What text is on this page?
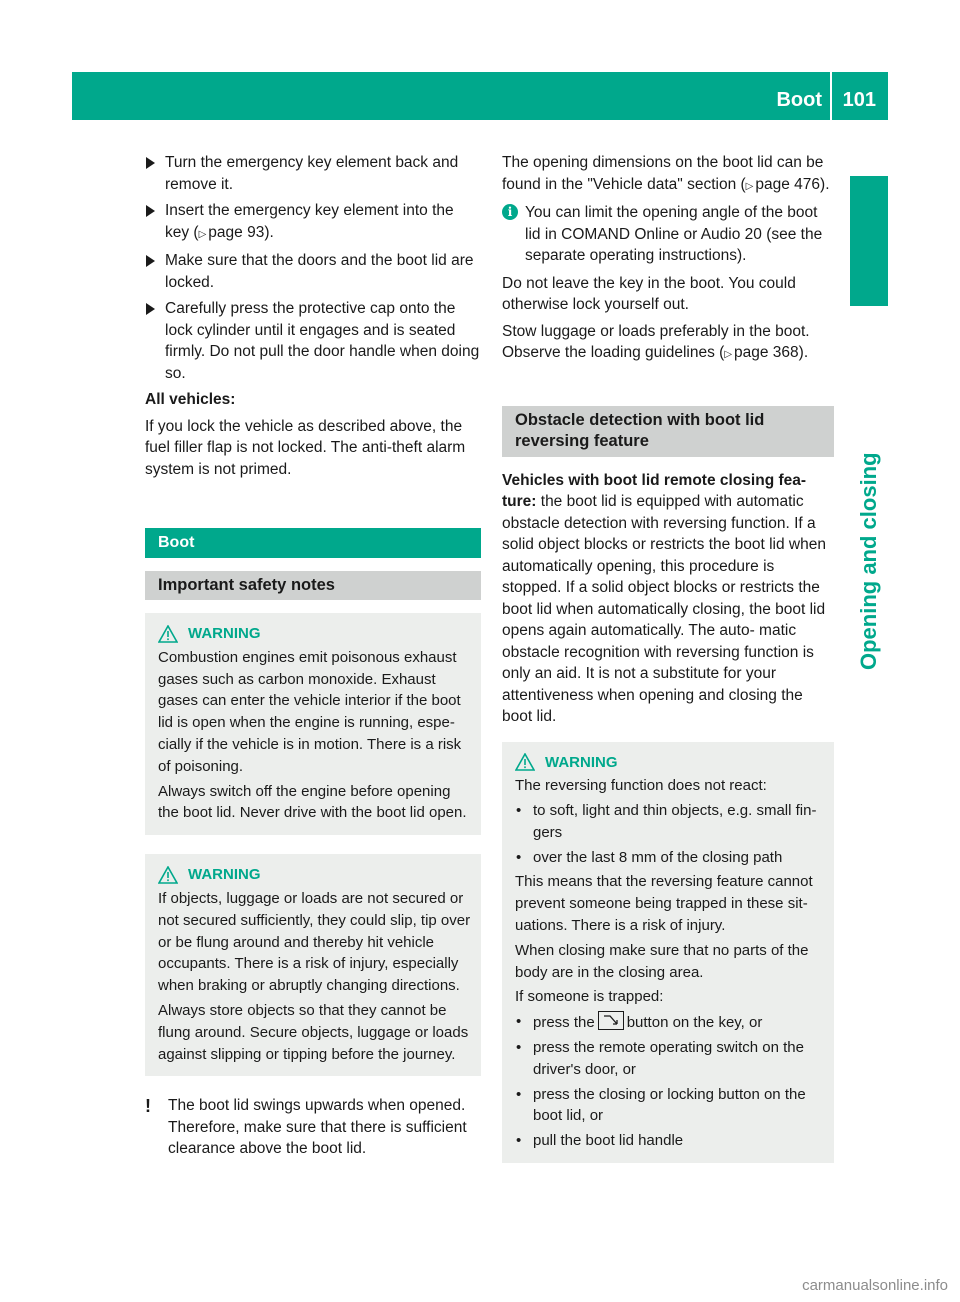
Boot 101
Opening and closing
Turn the emergency key element back and remove it.
Insert the emergency key element into the key ( ▷ page 93).
Make sure that the doors and the boot lid are locked.
Carefully press the protective cap onto the lock cylinder until it engages and is seated firmly. Do not pull the door handle when doing so.

All vehicles:

If you lock the vehicle as described above, the fuel filler flap is not locked. The anti-theft alarm system is not primed.

Boot
Important safety notes
WARNING

Combustion engines emit poisonous exhaust gases such as carbon monoxide. Exhaust gases can enter the vehicle interior if the boot lid is open when the engine is running, espe- cially if the vehicle is in motion. There is a risk of poisoning.

Always switch off the engine before opening the boot lid. Never drive with the boot lid open.

WARNING

If objects, luggage or loads are not secured or not secured sufficiently, they could slip, tip over or be flung around and thereby hit vehicle occupants. There is a risk of injury, especially when braking or abruptly changing directions.

Always store objects so that they cannot be flung around. Secure objects, luggage or loads against slipping or tipping before the journey.

!	The boot lid swings upwards when opened. Therefore, make sure that there is sufficient clearance above the boot lid.

The opening dimensions on the boot lid can be found in the "Vehicle data" section ( ▷ page 476).

i You can limit the opening angle of the boot lid in COMAND Online or Audio 20 (see the separate operating instructions).

Do not leave the key in the boot. You could otherwise lock yourself out.

Stow luggage or loads preferably in the boot. Observe the loading guidelines ( ▷ page 368).

Obstacle detection with boot lid reversing feature

Vehicles with boot lid remote closing fea- ture: the boot lid is equipped with automatic obstacle detection with reversing function. If a solid object blocks or restricts the boot lid when automatically opening, this procedure is stopped. If a solid object blocks or restricts the boot lid when automatically closing, the boot lid opens again automatically. The auto- matic obstacle recognition with reversing function is only an aid. It is not a substitute for your attentiveness when opening and closing the boot lid.

WARNING

The reversing function does not react:

• to soft, light and thin objects, e.g. small fin- gers
• over the last 8 mm of the closing path

This means that the reversing feature cannot prevent someone being trapped in these sit- uations. There is a risk of injury.

When closing make sure that no parts of the body are in the closing area.

If someone is trapped:

• press the button on the key, or
• press the remote operating switch on the driver's door, or
• press the closing or locking button on the boot lid, or
• pull the boot lid handle
carmanualsonline.info
